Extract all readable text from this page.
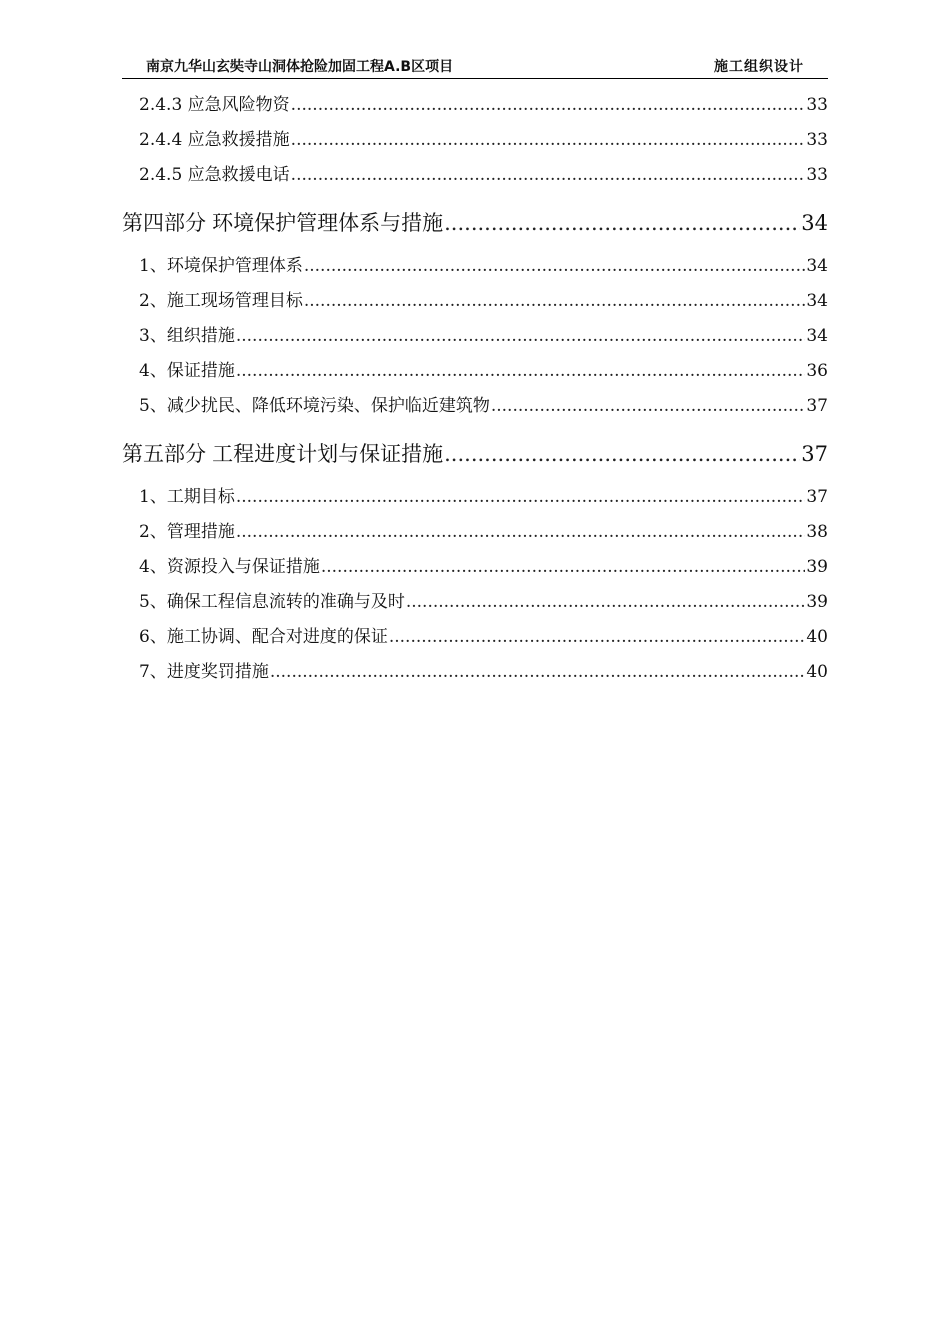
南京九华山玄奘寺山洞体抢险加固工程A.B区项目	施工组织设计
2.4.3 应急风险物资 .....	33
2.4.4 应急救援措施 .....	33
2.4.5 应急救援电话 .....	33
第四部分 环境保护管理体系与措施 .....	34
1、环境保护管理体系 .....	34
2、施工现场管理目标 .....	34
3、组织措施 .....	34
4、保证措施 .....	36
5、减少扰民、降低环境污染、保护临近建筑物 .....	37
第五部分 工程进度计划与保证措施 .....	37
1、工期目标 .....	37
2、管理措施 .....	38
4、资源投入与保证措施 .....	39
5、确保工程信息流转的准确与及时 .....	39
6、施工协调、配合对进度的保证 .....	40
7、进度奖罚措施 .....	40
